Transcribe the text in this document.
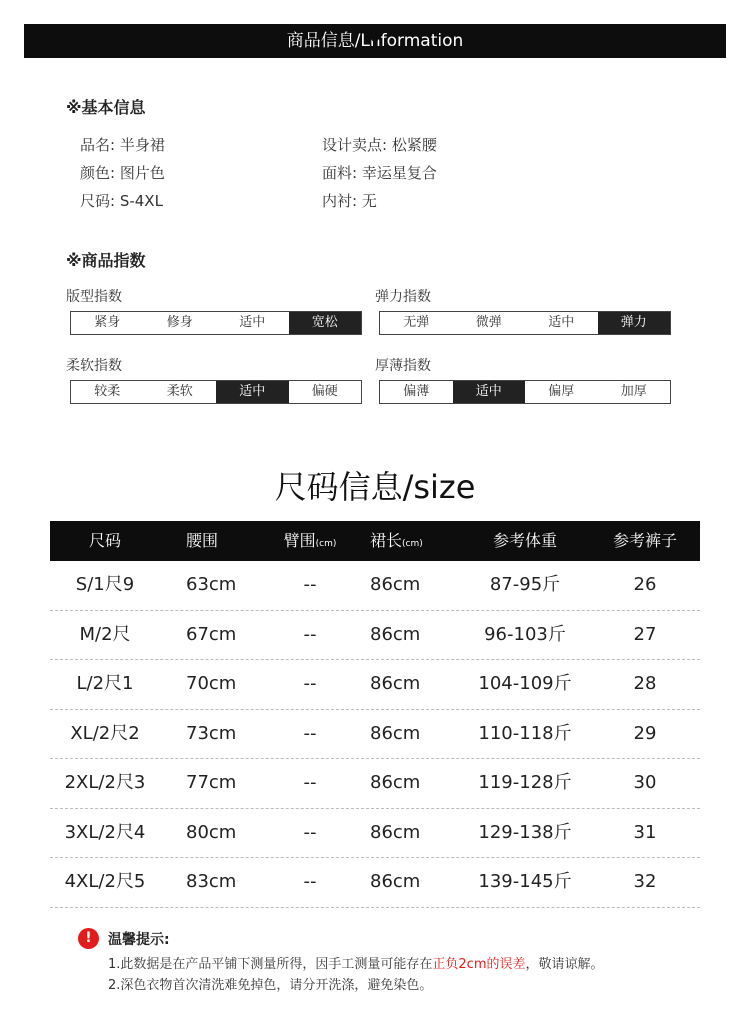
商品信息/Lnformation
※基本信息
品名: 半身裙
颜色: 图片色
尺码: S-4XL
设计卖点: 松紧腰
面料: 幸运星复合
内衬: 无
※商品指数
版型指数
紧身	修身	适中	宽松
弹力指数
无弹	微弹	适中	弹力
柔软指数
较柔	柔软	适中	偏硬
厚薄指数
偏薄	适中	偏厚	加厚
尺码信息/size
尺码	腰围	臂围(cm)	裙长(cm)	参考体重	参考裤子
S/1尺9	63cm	--	86cm	87-95斤	26
M/2尺	67cm	--	86cm	96-103斤	27
L/2尺1	70cm	--	86cm	104-109斤	28
XL/2尺2	73cm	--	86cm	110-118斤	29
2XL/2尺3	77cm	--	86cm	119-128斤	30
3XL/2尺4	80cm	--	86cm	129-138斤	31
4XL/2尺5	83cm	--	86cm	139-145斤	32
!	温馨提示:
1.此数据是在产品平铺下测量所得，因手工测量可能存在正负2cm的误差，敬请谅解。
2.深色衣物首次清洗难免掉色，请分开洗涤，避免染色。
